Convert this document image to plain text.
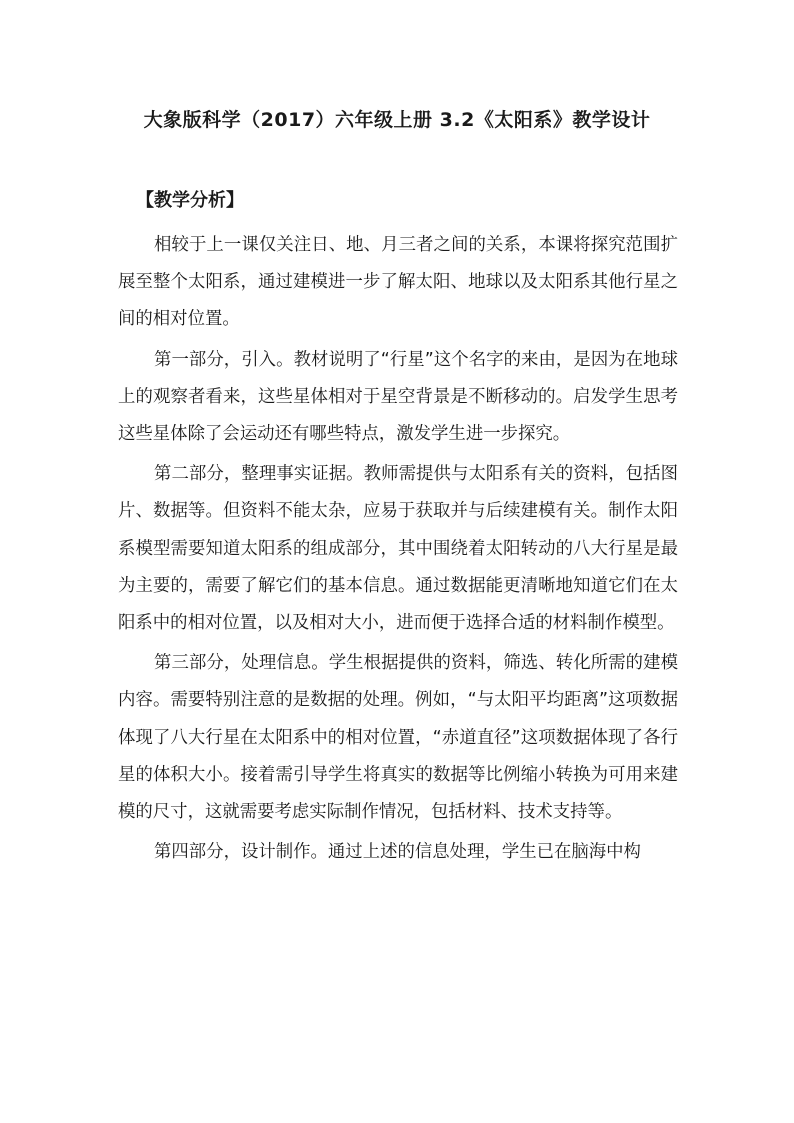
大象版科学（2017）六年级上册 3.2《太阳系》教学设计
【教学分析】

相较于上一课仅关注日、地、月三者之间的关系，本课将探究范围扩展至整个太阳系，通过建模进一步了解太阳、地球以及太阳系其他行星之间的相对位置。

第一部分，引入。教材说明了“行星”这个名字的来由，是因为在地球上的观察者看来，这些星体相对于星空背景是不断移动的。启发学生思考这些星体除了会运动还有哪些特点，激发学生进一步探究。

第二部分，整理事实证据。教师需提供与太阳系有关的资料，包括图片、数据等。但资料不能太杂，应易于获取并与后续建模有关。制作太阳系模型需要知道太阳系的组成部分，其中围绕着太阳转动的八大行星是最为主要的，需要了解它们的基本信息。通过数据能更清晰地知道它们在太阳系中的相对位置，以及相对大小，进而便于选择合适的材料制作模型。

第三部分，处理信息。学生根据提供的资料，筛选、转化所需的建模内容。需要特别注意的是数据的处理。例如，“与太阳平均距离”这项数据体现了八大行星在太阳系中的相对位置，“赤道直径”这项数据体现了各行星的体积大小。接着需引导学生将真实的数据等比例缩小转换为可用来建模的尺寸，这就需要考虑实际制作情况，包括材料、技术支持等。

第四部分，设计制作。通过上述的信息处理，学生已在脑海中构
